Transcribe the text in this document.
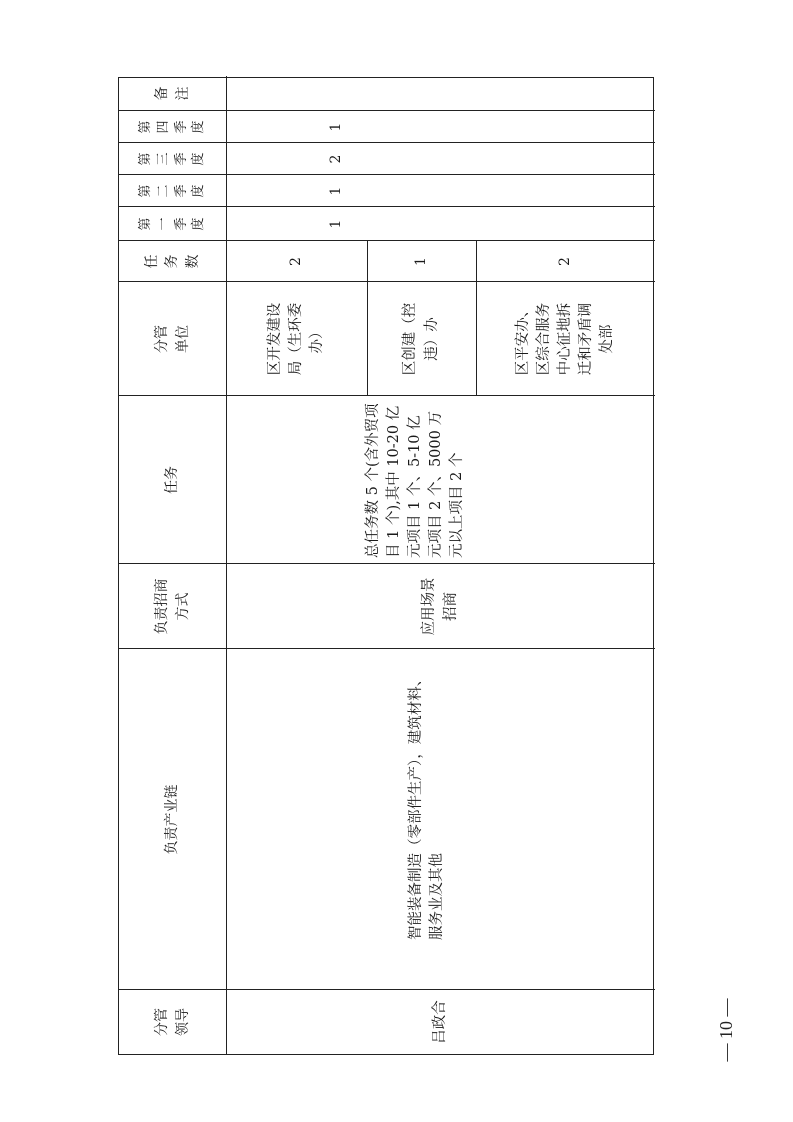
分管
领导
负责产业链
负责招商
方式
任务
分管
单位
任
务
数
第
一
季
度
第
二
季
度
第
三
季
度
第
四
季
度
备
注
吕政合
智能装备制造（零部件生产），建筑材料、服务业及其他
应用场景
招商
总任务数 5 个(含外贸项目 1 个),其中 10-20 亿元项目 1 个、5-10 亿元项目 2 个、5000 万元以上项目 2 个
区开发建设局（生环委办）
2
区创建（控违）办
1
区平安办、区综合服务中心征地拆迁和矛盾调处部
2
1
1
2
1
— 10 —
